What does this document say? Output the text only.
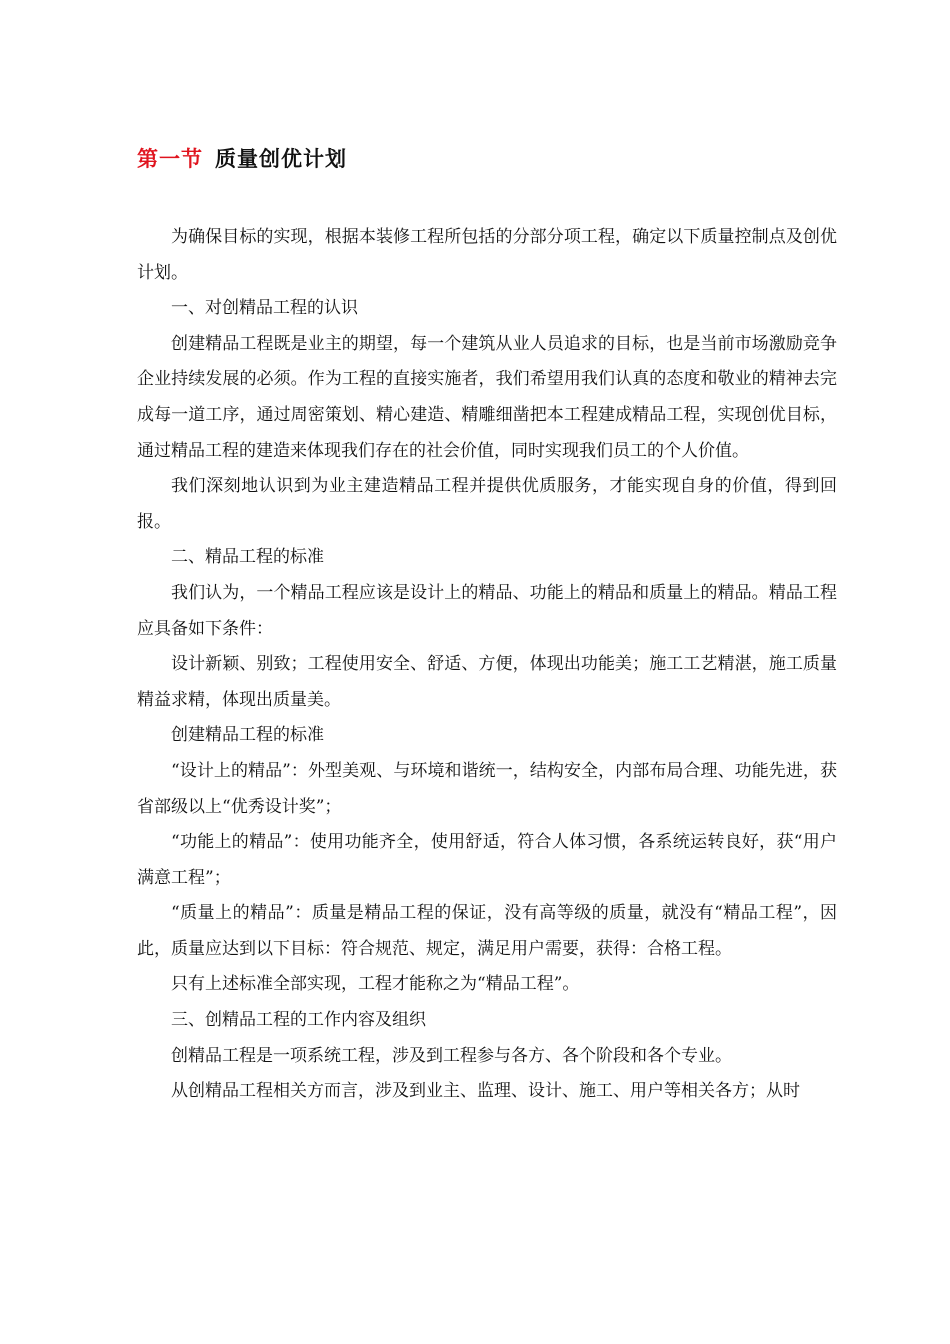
第一节 质量创优计划

为确保目标的实现，根据本装修工程所包括的分部分项工程，确定以下质量控制点及创优计划。

一、对创精品工程的认识

创建精品工程既是业主的期望，每一个建筑从业人员追求的目标，也是当前市场激励竞争企业持续发展的必须。作为工程的直接实施者，我们希望用我们认真的态度和敬业的精神去完成每一道工序，通过周密策划、精心建造、精雕细凿把本工程建成精品工程，实现创优目标，通过精品工程的建造来体现我们存在的社会价值，同时实现我们员工的个人价值。

我们深刻地认识到为业主建造精品工程并提供优质服务，才能实现自身的价值，得到回报。

二、精品工程的标准

我们认为，一个精品工程应该是设计上的精品、功能上的精品和质量上的精品。精品工程应具备如下条件：

设计新颖、别致；工程使用安全、舒适、方便，体现出功能美；施工工艺精湛，施工质量精益求精，体现出质量美。

创建精品工程的标准

“设计上的精品”：外型美观、与环境和谐统一，结构安全，内部布局合理、功能先进，获省部级以上“优秀设计奖”；

“功能上的精品”：使用功能齐全，使用舒适，符合人体习惯，各系统运转良好，获“用户满意工程”；

“质量上的精品”：质量是精品工程的保证，没有高等级的质量，就没有“精品工程”，因此，质量应达到以下目标：符合规范、规定，满足用户需要，获得：合格工程。

只有上述标准全部实现，工程才能称之为“精品工程”。

三、创精品工程的工作内容及组织

创精品工程是一项系统工程，涉及到工程参与各方、各个阶段和各个专业。

从创精品工程相关方而言，涉及到业主、监理、设计、施工、用户等相关各方；从时
